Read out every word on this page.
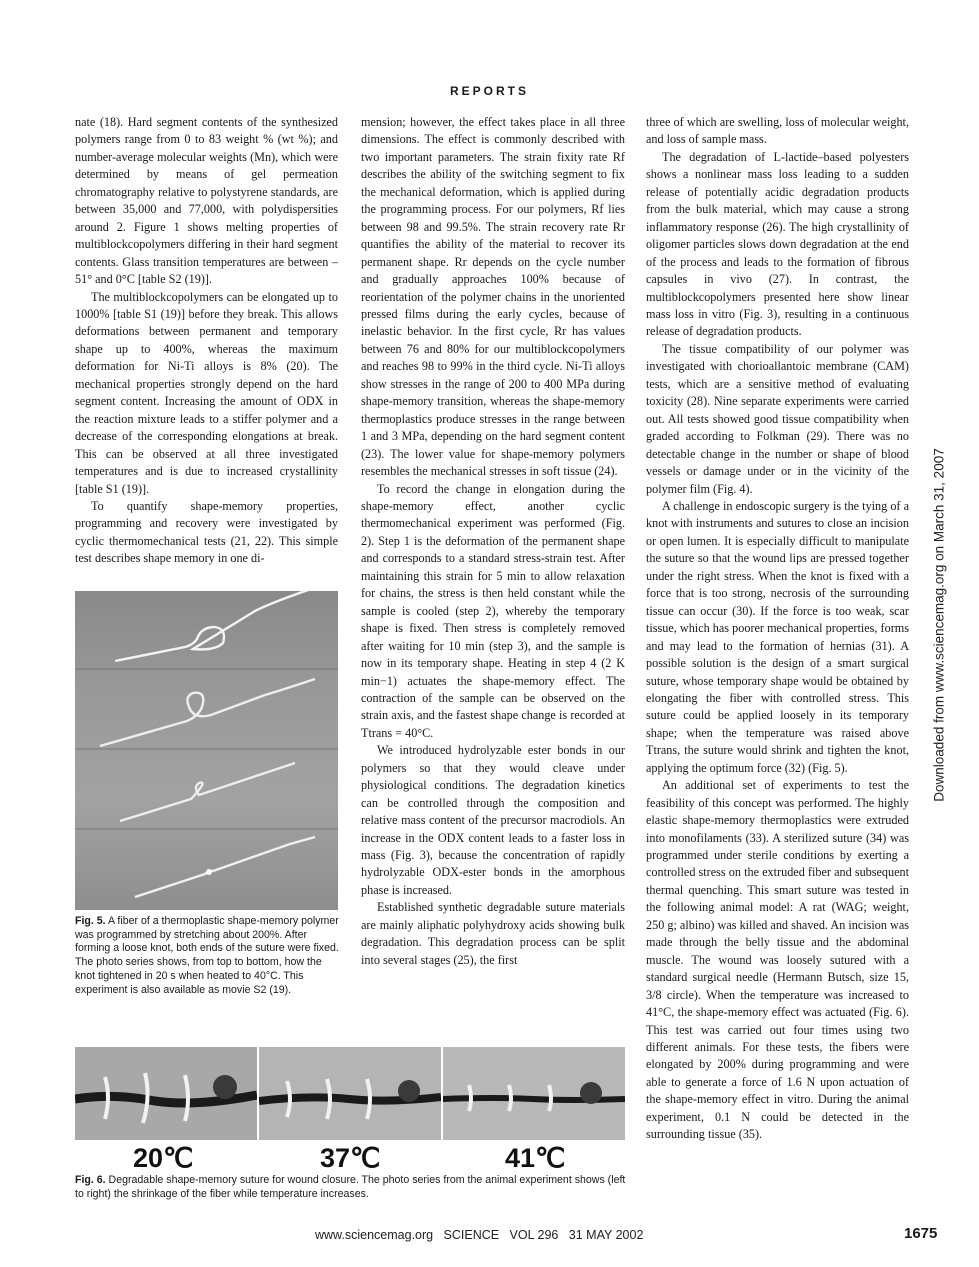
REPORTS

nate (18). Hard segment contents of the synthesized polymers range from 0 to 83 weight % (wt %); and number-average molecular weights (Mn), which were determined by means of gel permeation chromatography relative to polystyrene standards, are between 35,000 and 77,000, with polydispersities around 2. Figure 1 shows melting properties of multiblockcopolymers differing in their hard segment contents. Glass transition temperatures are between –51° and 0°C [table S2 (19)].

The multiblockcopolymers can be elongated up to 1000% [table S1 (19)] before they break. This allows deformations between permanent and temporary shape up to 400%, whereas the maximum deformation for Ni-Ti alloys is 8% (20). The mechanical properties strongly depend on the hard segment content. Increasing the amount of ODX in the reaction mixture leads to a stiffer polymer and a decrease of the corresponding elongations at break. This can be observed at all three investigated temperatures and is due to increased crystallinity [table S1 (19)].

To quantify shape-memory properties, programming and recovery were investigated by cyclic thermomechanical tests (21, 22). This simple test describes shape memory in one di-

Fig. 5. A fiber of a thermoplastic shape-memory polymer was programmed by stretching about 200%. After forming a loose knot, both ends of the suture were fixed. The photo series shows, from top to bottom, how the knot tightened in 20 s when heated to 40°C. This experiment is also available as movie S2 (19).

mension; however, the effect takes place in all three dimensions. The effect is commonly described with two important parameters. The strain fixity rate Rf describes the ability of the switching segment to fix the mechanical deformation, which is applied during the programming process. For our polymers, Rf lies between 98 and 99.5%. The strain recovery rate Rr quantifies the ability of the material to recover its permanent shape. Rr depends on the cycle number and gradually approaches 100% because of reorientation of the polymer chains in the unoriented pressed films during the early cycles, because of inelastic behavior. In the first cycle, Rr has values between 76 and 80% for our multiblockcopolymers and reaches 98 to 99% in the third cycle. Ni-Ti alloys show stresses in the range of 200 to 400 MPa during shape-memory transition, whereas the shape-memory thermoplastics produce stresses in the range between 1 and 3 MPa, depending on the hard segment content (23). The lower value for shape-memory polymers resembles the mechanical stresses in soft tissue (24).

To record the change in elongation during the shape-memory effect, another cyclic thermomechanical experiment was performed (Fig. 2). Step 1 is the deformation of the permanent shape and corresponds to a standard stress-strain test. After maintaining this strain for 5 min to allow relaxation for chains, the stress is then held constant while the sample is cooled (step 2), whereby the temporary shape is fixed. Then stress is completely removed after waiting for 10 min (step 3), and the sample is now in its temporary shape. Heating in step 4 (2 K min−1) actuates the shape-memory effect. The contraction of the sample can be observed on the strain axis, and the fastest shape change is recorded at Ttrans = 40°C.

We introduced hydrolyzable ester bonds in our polymers so that they would cleave under physiological conditions. The degradation kinetics can be controlled through the composition and relative mass content of the precursor macrodiols. An increase in the ODX content leads to a faster loss in mass (Fig. 3), because the concentration of rapidly hydrolyzable ODX-ester bonds in the amorphous phase is increased.

Established synthetic degradable suture materials are mainly aliphatic polyhydroxy acids showing bulk degradation. This degradation process can be split into several stages (25), the first

three of which are swelling, loss of molecular weight, and loss of sample mass.

The degradation of L-lactide–based polyesters shows a nonlinear mass loss leading to a sudden release of potentially acidic degradation products from the bulk material, which may cause a strong inflammatory response (26). The high crystallinity of oligomer particles slows down degradation at the end of the process and leads to the formation of fibrous capsules in vivo (27). In contrast, the multiblockcopolymers presented here show linear mass loss in vitro (Fig. 3), resulting in a continuous release of degradation products.

The tissue compatibility of our polymer was investigated with chorioallantoic membrane (CAM) tests, which are a sensitive method of evaluating toxicity (28). Nine separate experiments were carried out. All tests showed good tissue compatibility when graded according to Folkman (29). There was no detectable change in the number or shape of blood vessels or damage under or in the vicinity of the polymer film (Fig. 4).

A challenge in endoscopic surgery is the tying of a knot with instruments and sutures to close an incision or open lumen. It is especially difficult to manipulate the suture so that the wound lips are pressed together under the right stress. When the knot is fixed with a force that is too strong, necrosis of the surrounding tissue can occur (30). If the force is too weak, scar tissue, which has poorer mechanical properties, forms and may lead to the formation of hernias (31). A possible solution is the design of a smart surgical suture, whose temporary shape would be obtained by elongating the fiber with controlled stress. This suture could be applied loosely in its temporary shape; when the temperature was raised above Ttrans, the suture would shrink and tighten the knot, applying the optimum force (32) (Fig. 5).

An additional set of experiments to test the feasibility of this concept was performed. The highly elastic shape-memory thermoplastics were extruded into monofilaments (33). A sterilized suture (34) was programmed under sterile conditions by exerting a controlled stress on the extruded fiber and subsequent thermal quenching. This smart suture was tested in the following animal model: A rat (WAG; weight, 250 g; albino) was killed and shaved. An incision was made through the belly tissue and the abdominal muscle. The wound was loosely sutured with a standard surgical needle (Hermann Butsch, size 15, 3/8 circle). When the temperature was increased to 41°C, the shape-memory effect was actuated (Fig. 6). This test was carried out four times using two different animals. For these tests, the fibers were elongated by 200% during programming and were able to generate a force of 1.6 N upon actuation of the shape-memory effect in vitro. During the animal experiment, 0.1 N could be detected in the surrounding tissue (35).

20℃	37℃	41℃
Fig. 6. Degradable shape-memory suture for wound closure. The photo series from the animal experiment shows (left to right) the shrinkage of the fiber while temperature increases.
Downloaded from www.sciencemag.org on March 31, 2007
www.sciencemag.org   SCIENCE   VOL 296   31 MAY 2002	1675
